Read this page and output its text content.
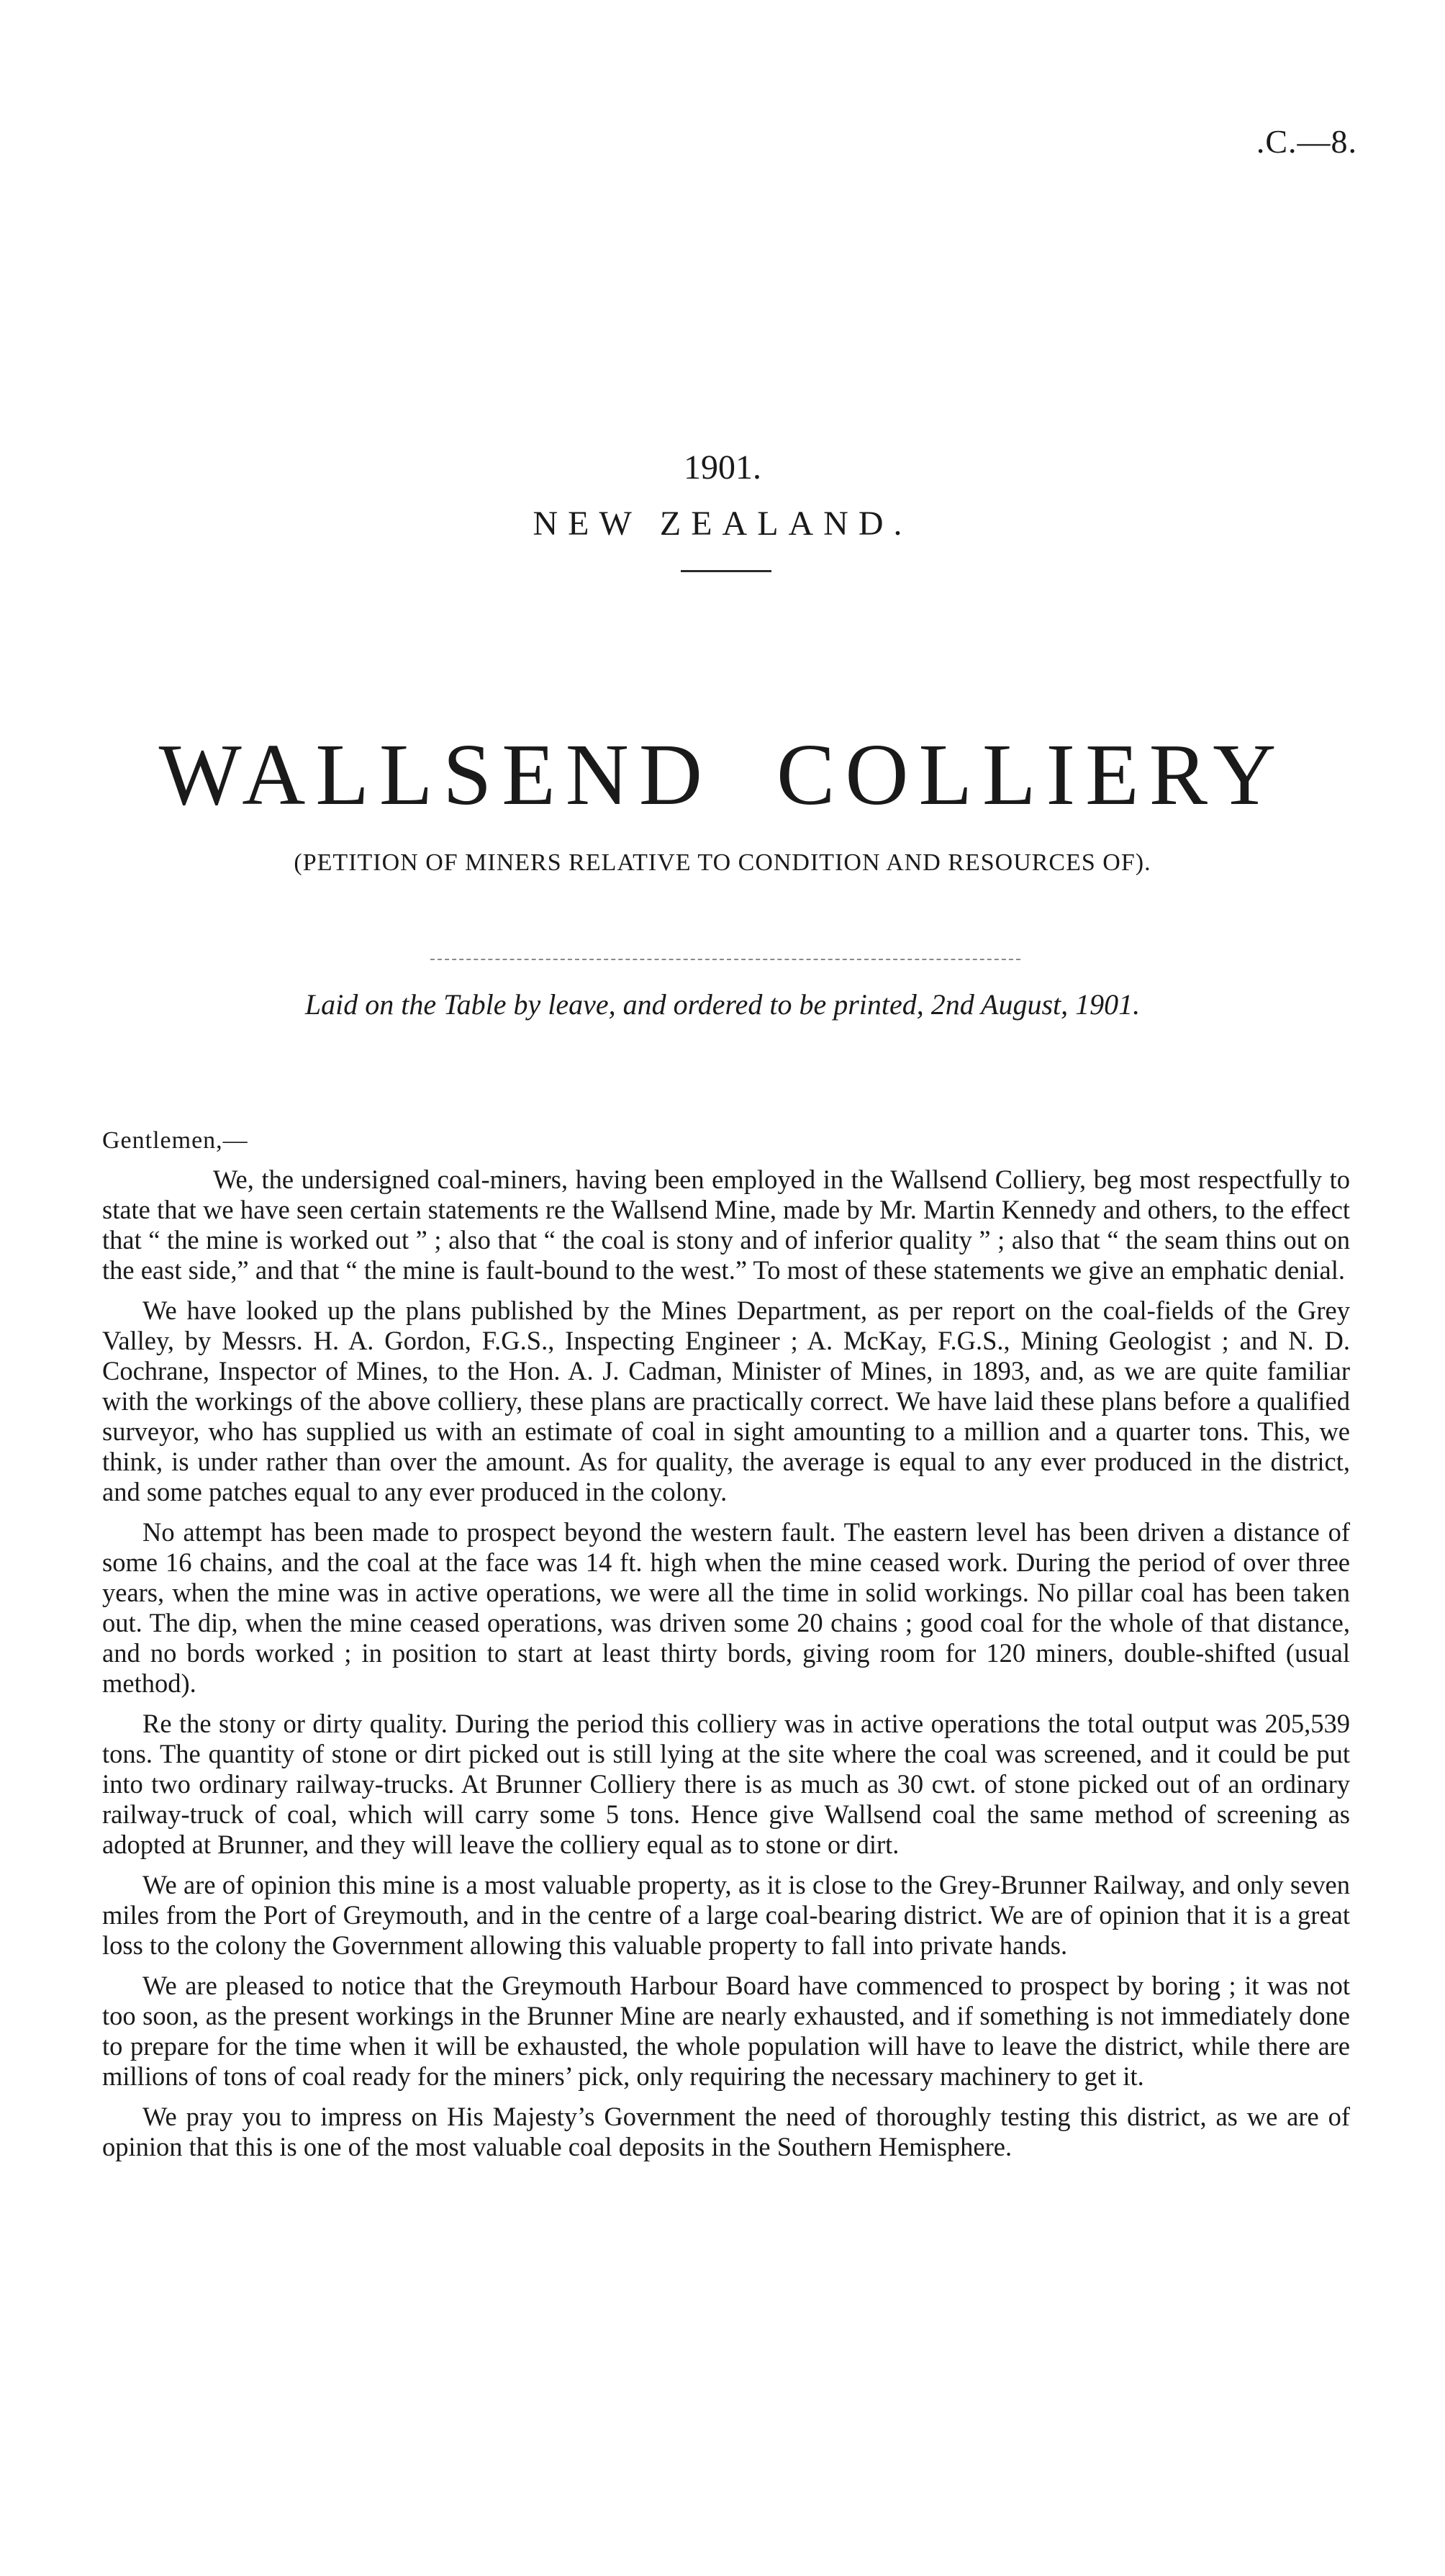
.C.—8.
1901.
NEW ZEALAND.
WALLSEND  COLLIERY
(PETITION OF MINERS RELATIVE TO CONDITION AND RESOURCES OF).
Laid on the Table by leave, and ordered to be printed, 2nd August, 1901.
Gentlemen,—

We, the undersigned coal-miners, having been employed in the Wallsend Colliery, beg most respectfully to state that we have seen certain statements re the Wallsend Mine, made by Mr. Martin Kennedy and others, to the effect that “ the mine is worked out ” ; also that “ the coal is stony and of inferior quality ” ; also that “ the seam thins out on the east side,” and that “ the mine is fault-bound to the west.” To most of these statements we give an emphatic denial.

We have looked up the plans published by the Mines Department, as per report on the coal-fields of the Grey Valley, by Messrs. H. A. Gordon, F.G.S., Inspecting Engineer ; A. McKay, F.G.S., Mining Geologist ; and N. D. Cochrane, Inspector of Mines, to the Hon. A. J. Cadman, Minister of Mines, in 1893, and, as we are quite familiar with the workings of the above colliery, these plans are practically correct. We have laid these plans before a qualified surveyor, who has supplied us with an estimate of coal in sight amounting to a million and a quarter tons. This, we think, is under rather than over the amount. As for quality, the average is equal to any ever produced in the district, and some patches equal to any ever produced in the colony.

No attempt has been made to prospect beyond the western fault. The eastern level has been driven a distance of some 16 chains, and the coal at the face was 14 ft. high when the mine ceased work. During the period of over three years, when the mine was in active operations, we were all the time in solid workings. No pillar coal has been taken out. The dip, when the mine ceased operations, was driven some 20 chains ; good coal for the whole of that distance, and no bords worked ; in position to start at least thirty bords, giving room for 120 miners, double-shifted (usual method).

Re the stony or dirty quality. During the period this colliery was in active operations the total output was 205,539 tons. The quantity of stone or dirt picked out is still lying at the site where the coal was screened, and it could be put into two ordinary railway-trucks. At Brunner Colliery there is as much as 30 cwt. of stone picked out of an ordinary railway-truck of coal, which will carry some 5 tons. Hence give Wallsend coal the same method of screening as adopted at Brunner, and they will leave the colliery equal as to stone or dirt.

We are of opinion this mine is a most valuable property, as it is close to the Grey-Brunner Railway, and only seven miles from the Port of Greymouth, and in the centre of a large coal-bearing district. We are of opinion that it is a great loss to the colony the Government allowing this valuable property to fall into private hands.

We are pleased to notice that the Greymouth Harbour Board have commenced to prospect by boring ; it was not too soon, as the present workings in the Brunner Mine are nearly exhausted, and if something is not immediately done to prepare for the time when it will be exhausted, the whole population will have to leave the district, while there are millions of tons of coal ready for the miners’ pick, only requiring the necessary machinery to get it.

We pray you to impress on His Majesty’s Government the need of thoroughly testing this district, as we are of opinion that this is one of the most valuable coal deposits in the Southern Hemisphere.
